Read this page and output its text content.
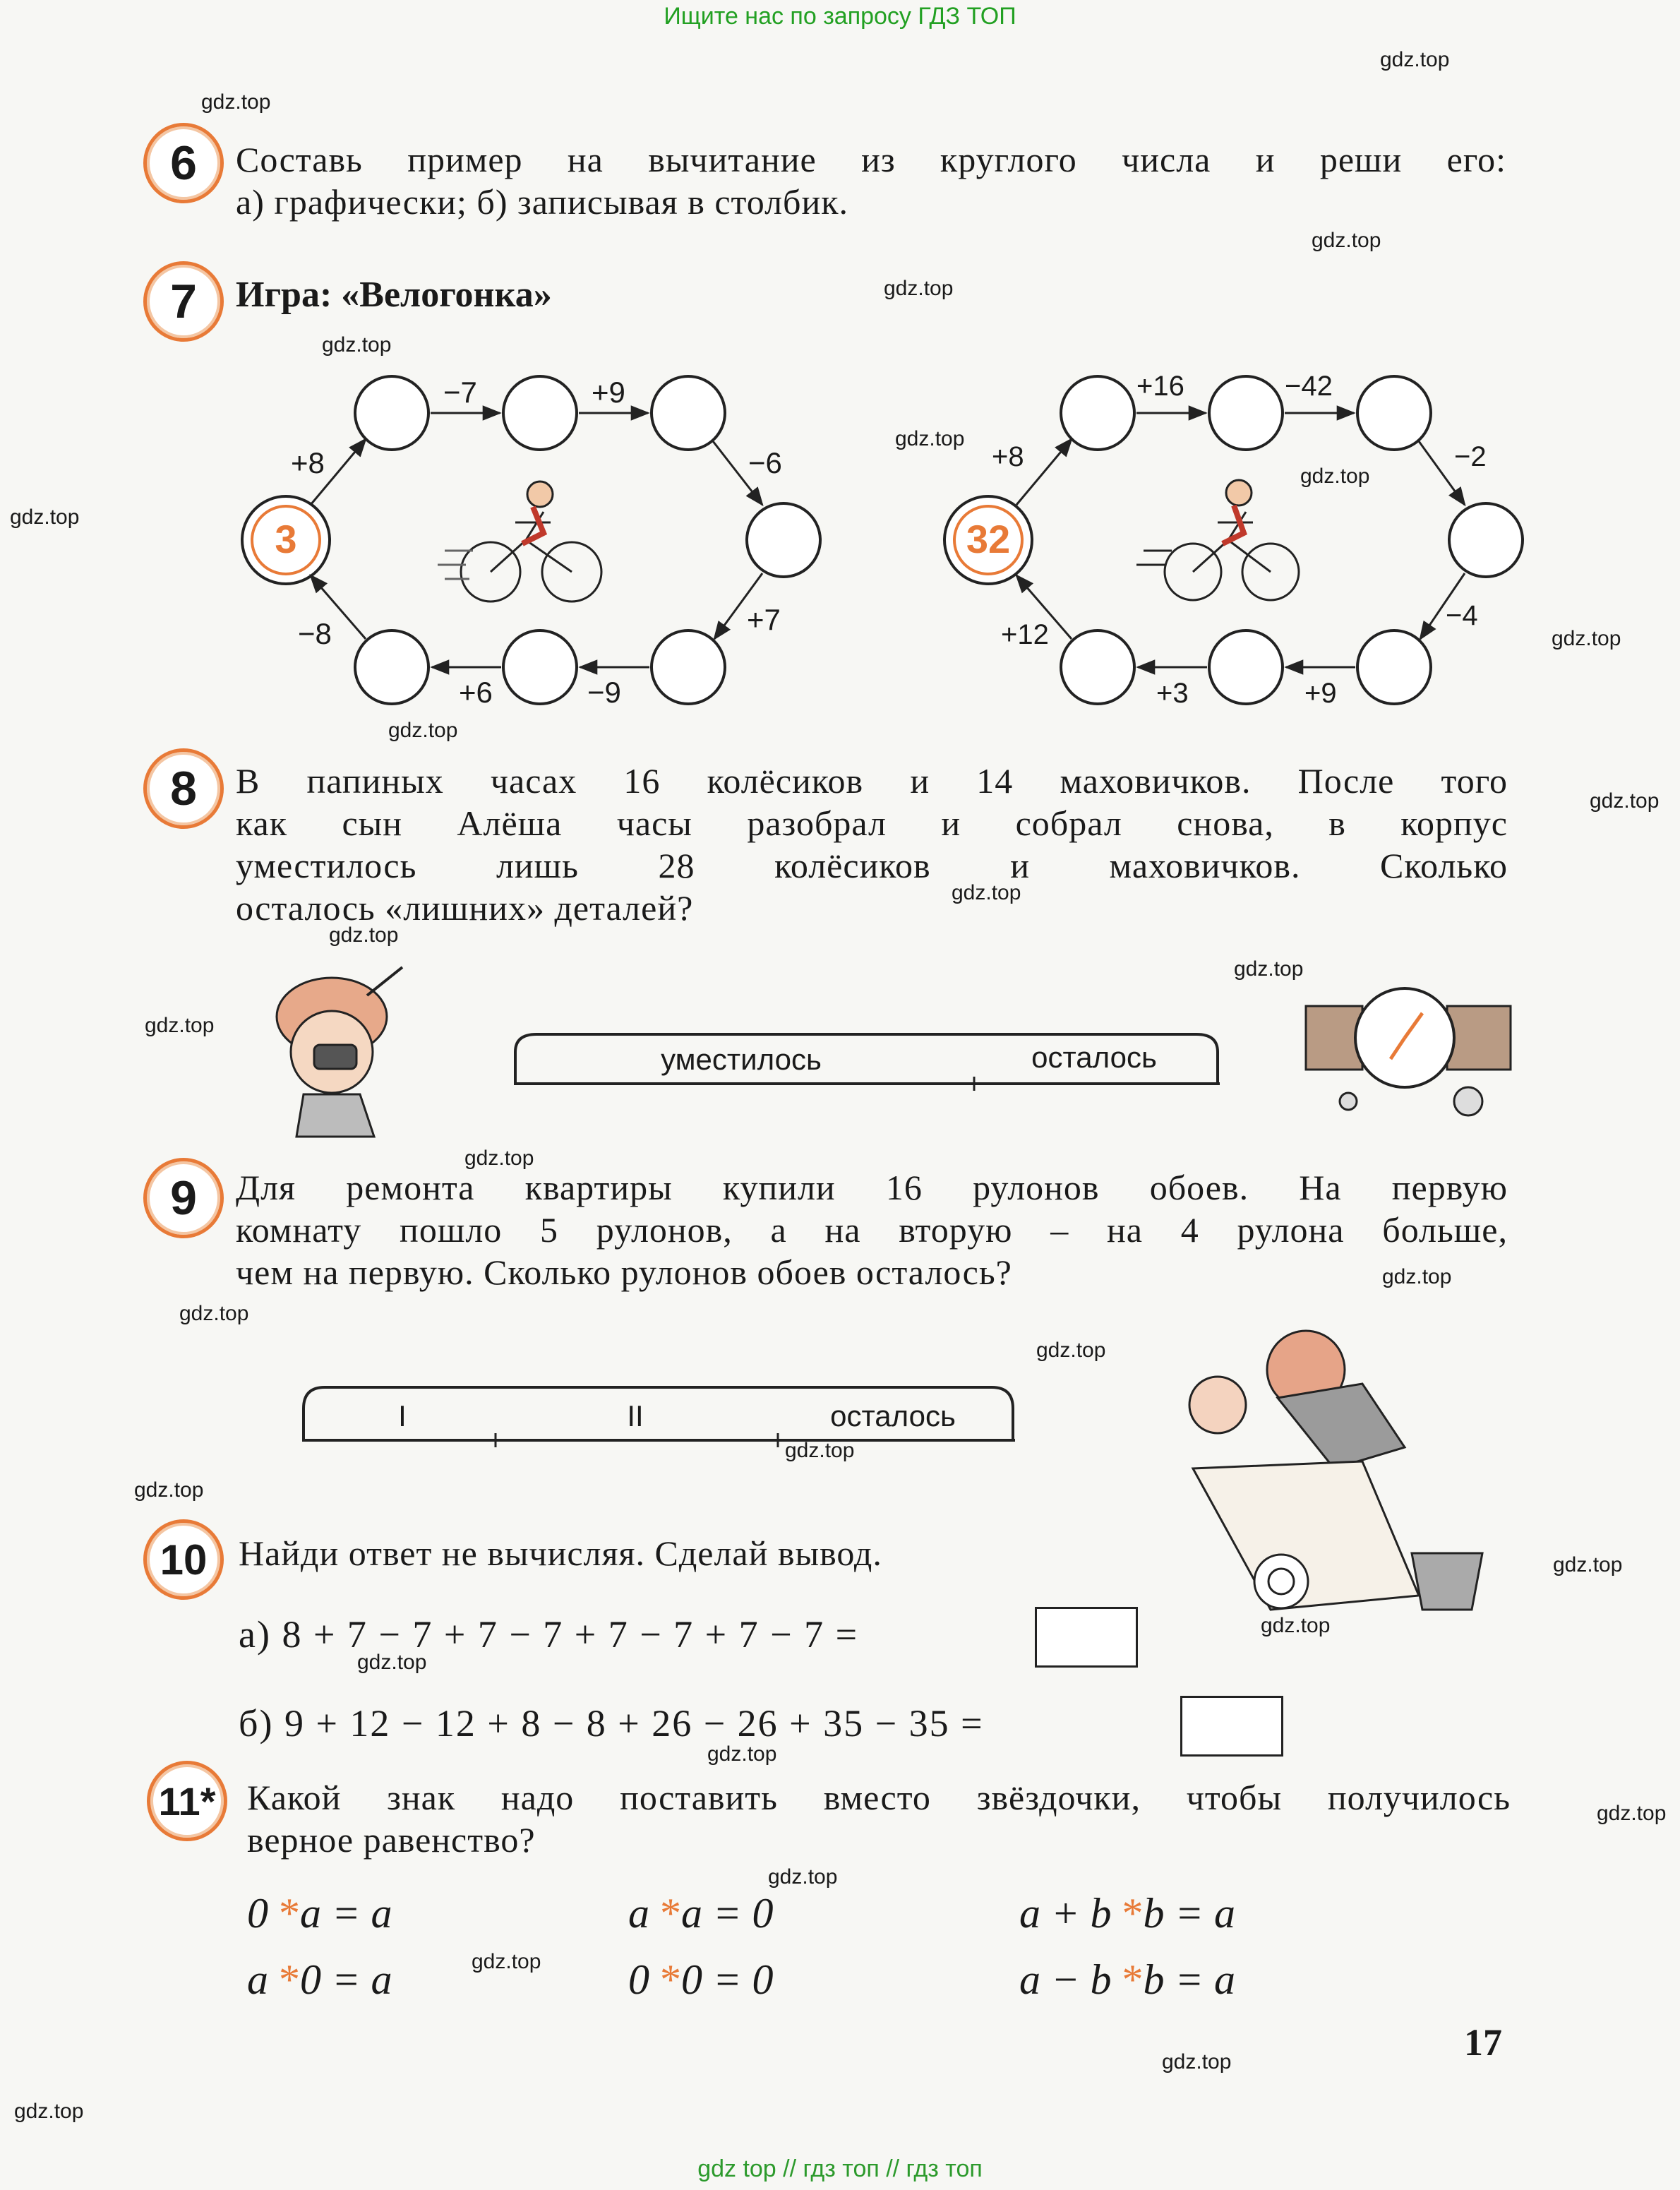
Ищите нас по запросу ГДЗ ТОП
gdz top // гдз топ // гдз топ
gdz.top
gdz.top
gdz.top
gdz.top
gdz.top
gdz.top
gdz.top
gdz.top
gdz.top
gdz.top
gdz.top
gdz.top
gdz.top
gdz.top
gdz.top
gdz.top
gdz.top
gdz.top
gdz.top
gdz.top
gdz.top
gdz.top
gdz.top
gdz.top
gdz.top
gdz.top
gdz.top
gdz.top
gdz.top
gdz.top
6	Составь пример на вычитание из круглого числа и реши его:
а) графически; б) записывая в столбик.
7	Игра: «Велогонка»
3
+8
−7	+9
−6
+7
−9
+6
−8
32
+8
+16	−42
−2
−4
+9
+3
+12
8	В папиных часах 16 колёсиков и 14 маховичков. После того
как сын Алёша часы разобрал и собрал снова, в корпус
уместилось лишь 28 колёсиков и маховичков. Сколько
осталось «лишних» деталей?
уместилось	осталось
9	Для ремонта квартиры купили 16 рулонов обоев. На первую
комнату пошло 5 рулонов, а на вторую – на 4 рулона больше,
чем на первую. Сколько рулонов обоев осталось?
I	II	осталось
10 Найди ответ не вычисляя. Сделай вывод.
а) 8 + 7 − 7 + 7 − 7 + 7 − 7 + 7 − 7 =
б) 9 + 12 − 12 + 8 − 8 + 26 − 26 + 35 − 35 =
11* Какой знак надо поставить вместо звёздочки, чтобы получилось
верное равенство?
0 *a = a	a *a = 0	a + b *b = a
a *0 = a	0 *0 = 0	a − b *b = a
17
